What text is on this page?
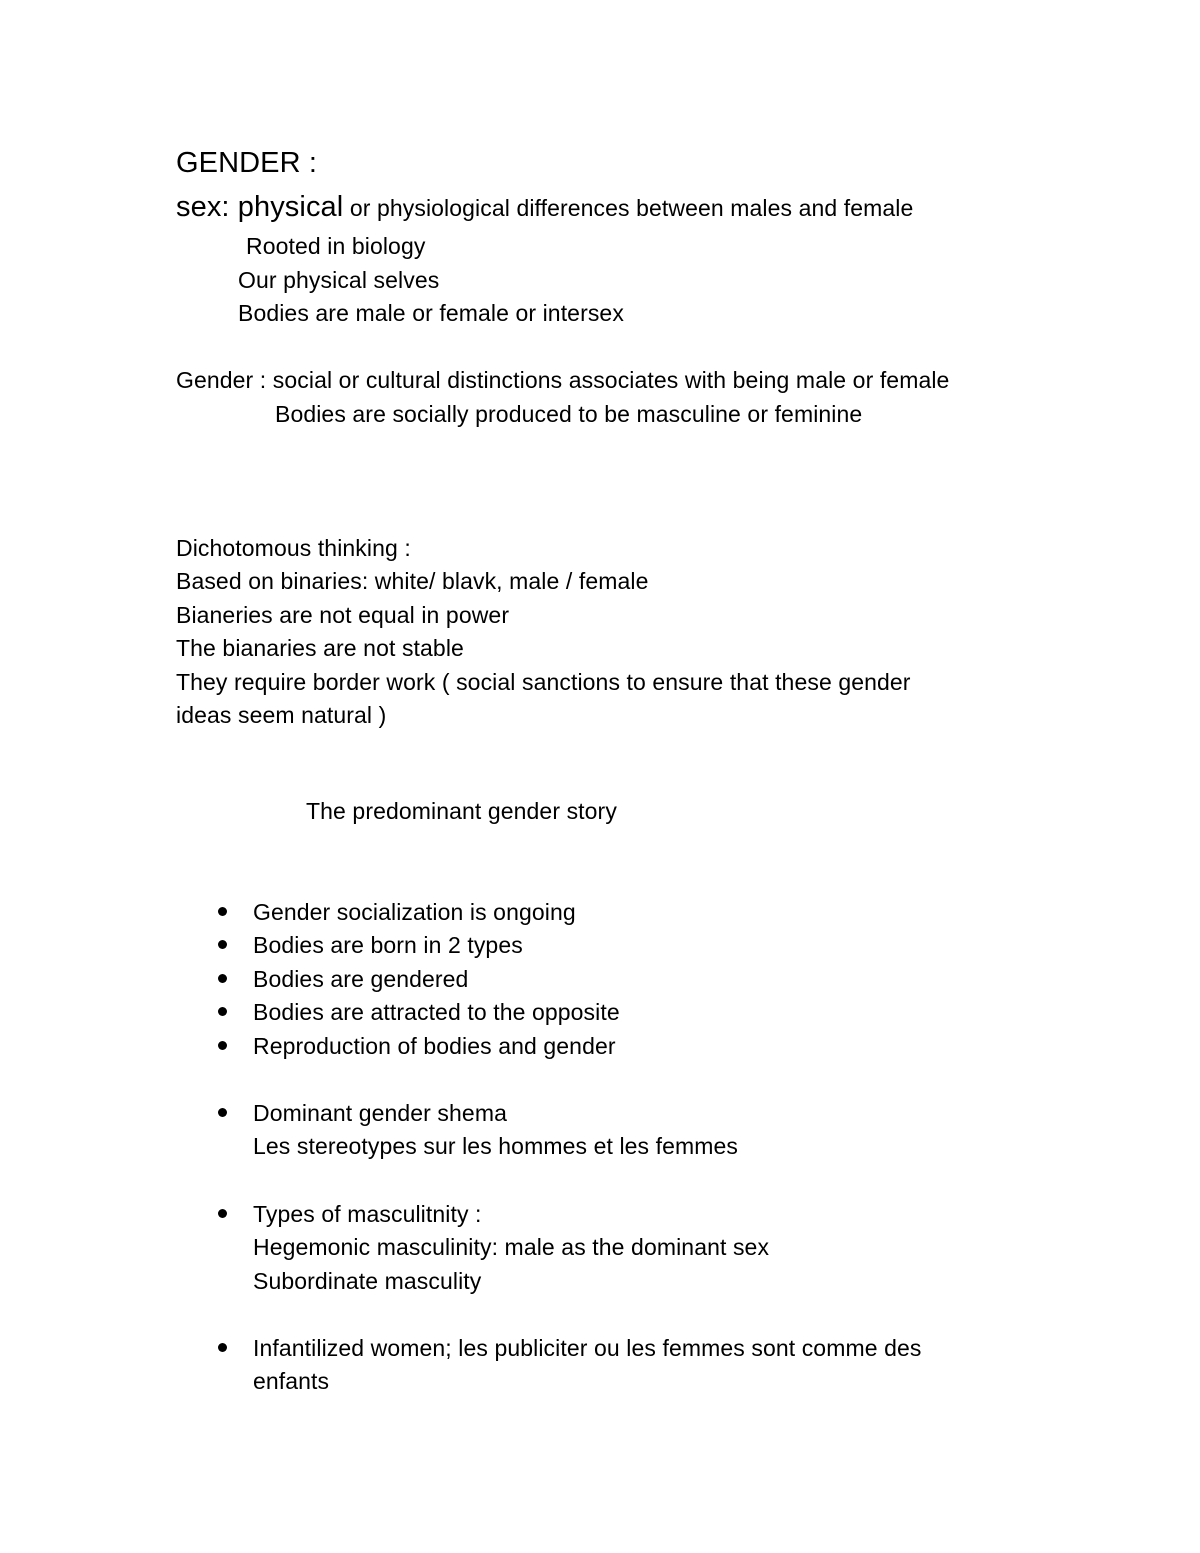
GENDER :
sex: physical or physiological differences between males and female
Rooted in biology
Our physical selves
Bodies are male or female or intersex
Gender : social or cultural distinctions associates with being male or female
Bodies are socially produced to be masculine or feminine
Dichotomous thinking :
Based on binaries: white/ blavk, male / female
Bianeries are not equal in power
The bianaries are not stable
They require border work ( social sanctions to ensure that these gender
ideas seem natural )
The predominant gender story
Gender socialization is ongoing
Bodies are born in 2 types
Bodies are gendered
Bodies are attracted to the opposite
Reproduction of bodies and gender
Dominant gender shema
Les stereotypes sur les hommes et les femmes
Types of masculitnity :
Hegemonic masculinity: male as the dominant sex
Subordinate masculity
Infantilized women; les publiciter ou les femmes sont comme des
enfants
